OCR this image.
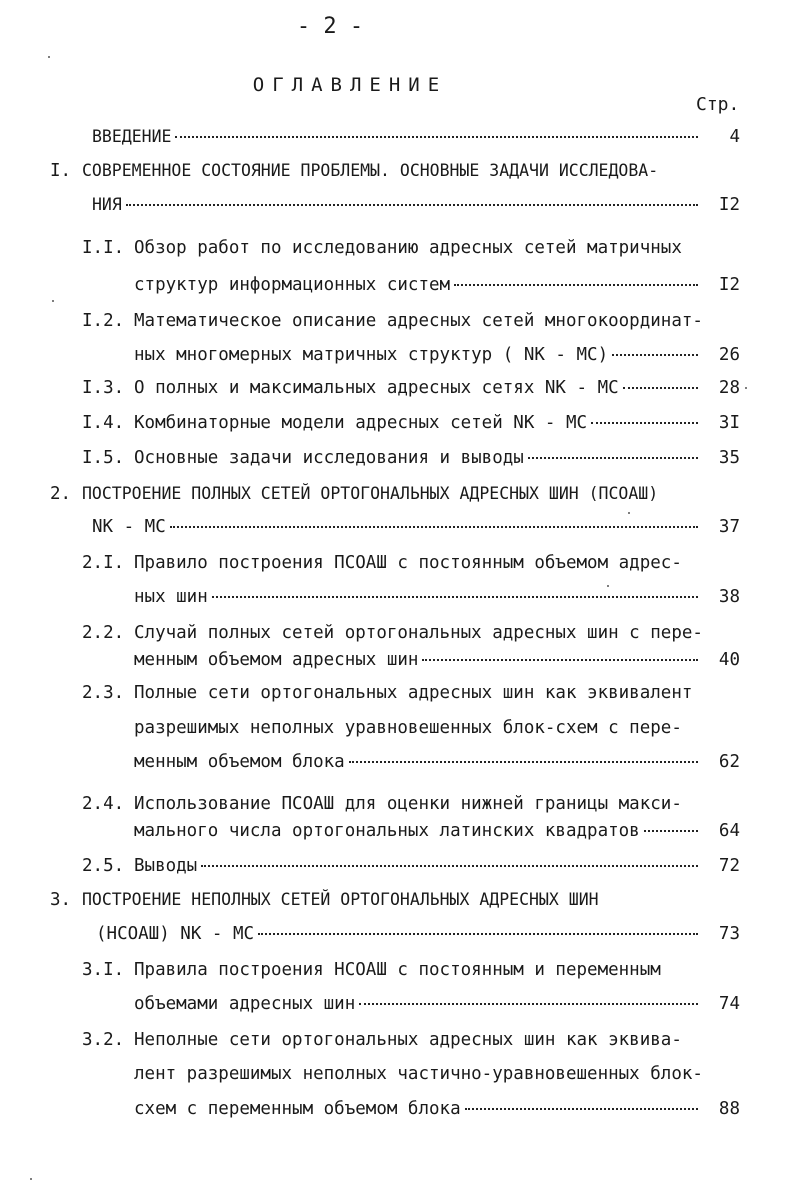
- 2 -
ОГЛАВЛЕНИЕ
Стр.
ВВЕДЕНИЕ	4
I. СОВРЕМЕННОЕ СОСТОЯНИЕ ПРОБЛЕМЫ. ОСНОВНЫЕ ЗАДАЧИ ИССЛЕДОВА-
НИЯ	I2
I.I. Обзор работ по исследованию адресных сетей матричных
структур информационных систем	I2
I.2. Математическое описание адресных сетей многокоординат-
ных многомерных матричных структур ( NK - MC)	26
I.3. О полных и максимальных адресных сетях NK - MC	28
I.4. Комбинаторные модели адресных сетей NK - MC	3I
I.5. Основные задачи исследования и выводы	35
2. ПОСТРОЕНИЕ ПОЛНЫХ СЕТЕЙ ОРТОГОНАЛЬНЫХ АДРЕСНЫХ ШИН (ПСОАШ)
NK - MC	37
2.I. Правило построения ПСОАШ с постоянным объемом адрес-
ных шин	38
2.2. Случай полных сетей ортогональных адресных шин с пере-
менным объемом адресных шин	40
2.3. Полные сети ортогональных адресных шин как эквивалент
разрешимых неполных уравновешенных блок-схем с пере-
менным объемом блока	62
2.4. Использование ПСОАШ для оценки нижней границы макси-
мального числа ортогональных латинских квадратов	64
2.5. Выводы	72
3. ПОСТРОЕНИЕ НЕПОЛНЫХ СЕТЕЙ ОРТОГОНАЛЬНЫХ АДРЕСНЫХ ШИН
(НСОАШ) NK - MC	73
3.I. Правила построения НСОАШ с постоянным и переменным
объемами адресных шин	74
3.2. Неполные сети ортогональных адресных шин как эквива-
лент разрешимых неполных частично-уравновешенных блок-
схем с переменным объемом блока	88
